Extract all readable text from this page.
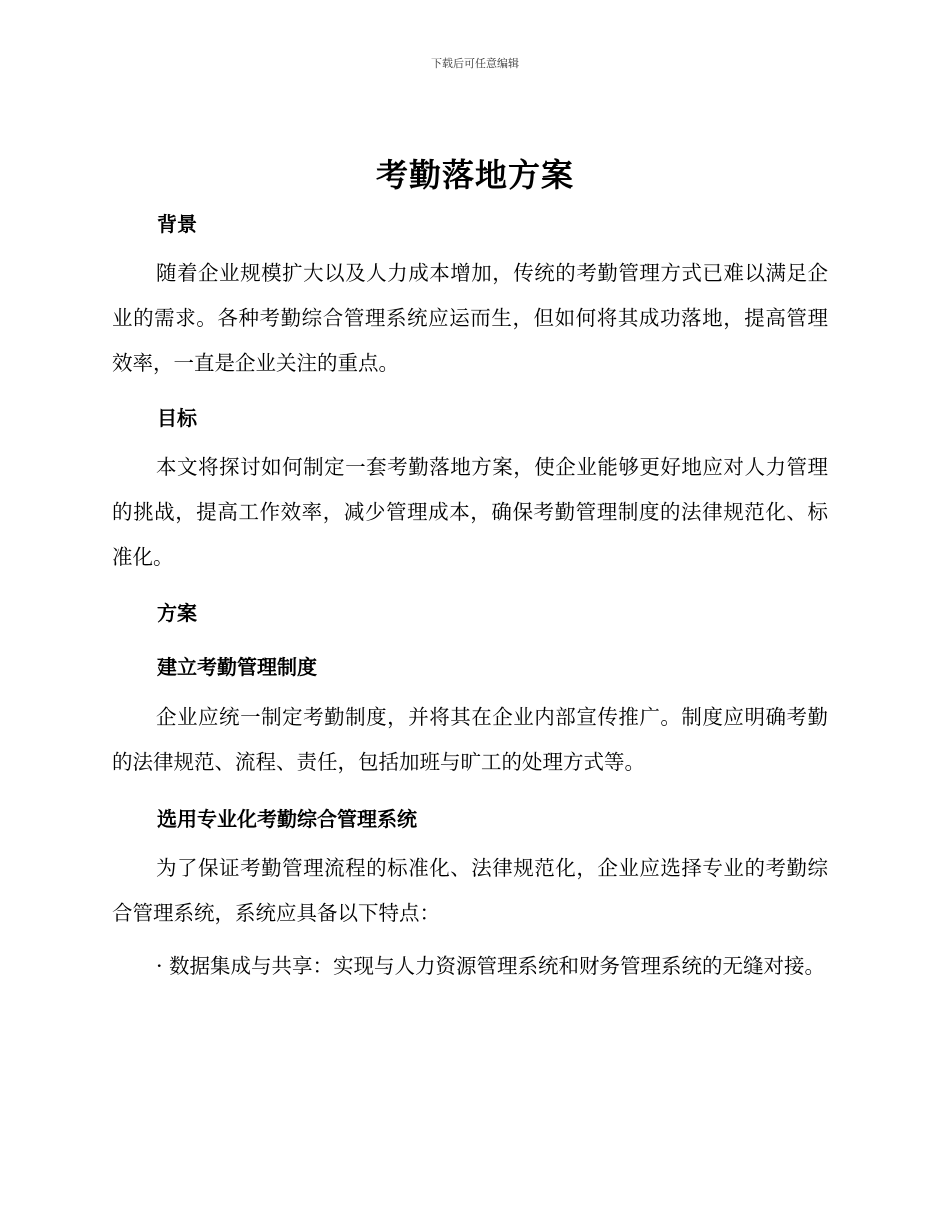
下载后可任意编辑
考勤落地方案
背景
随着企业规模扩大以及人力成本增加，传统的考勤管理方式已难以满足企业的需求。各种考勤综合管理系统应运而生，但如何将其成功落地，提高管理效率，一直是企业关注的重点。
目标
本文将探讨如何制定一套考勤落地方案，使企业能够更好地应对人力管理的挑战，提高工作效率，减少管理成本，确保考勤管理制度的法律规范化、标准化。
方案
建立考勤管理制度
企业应统一制定考勤制度，并将其在企业内部宣传推广。制度应明确考勤的法律规范、流程、责任，包括加班与旷工的处理方式等。
选用专业化考勤综合管理系统
为了保证考勤管理流程的标准化、法律规范化，企业应选择专业的考勤综合管理系统，系统应具备以下特点：
· 数据集成与共享：实现与人力资源管理系统和财务管理系统的无缝对接。
